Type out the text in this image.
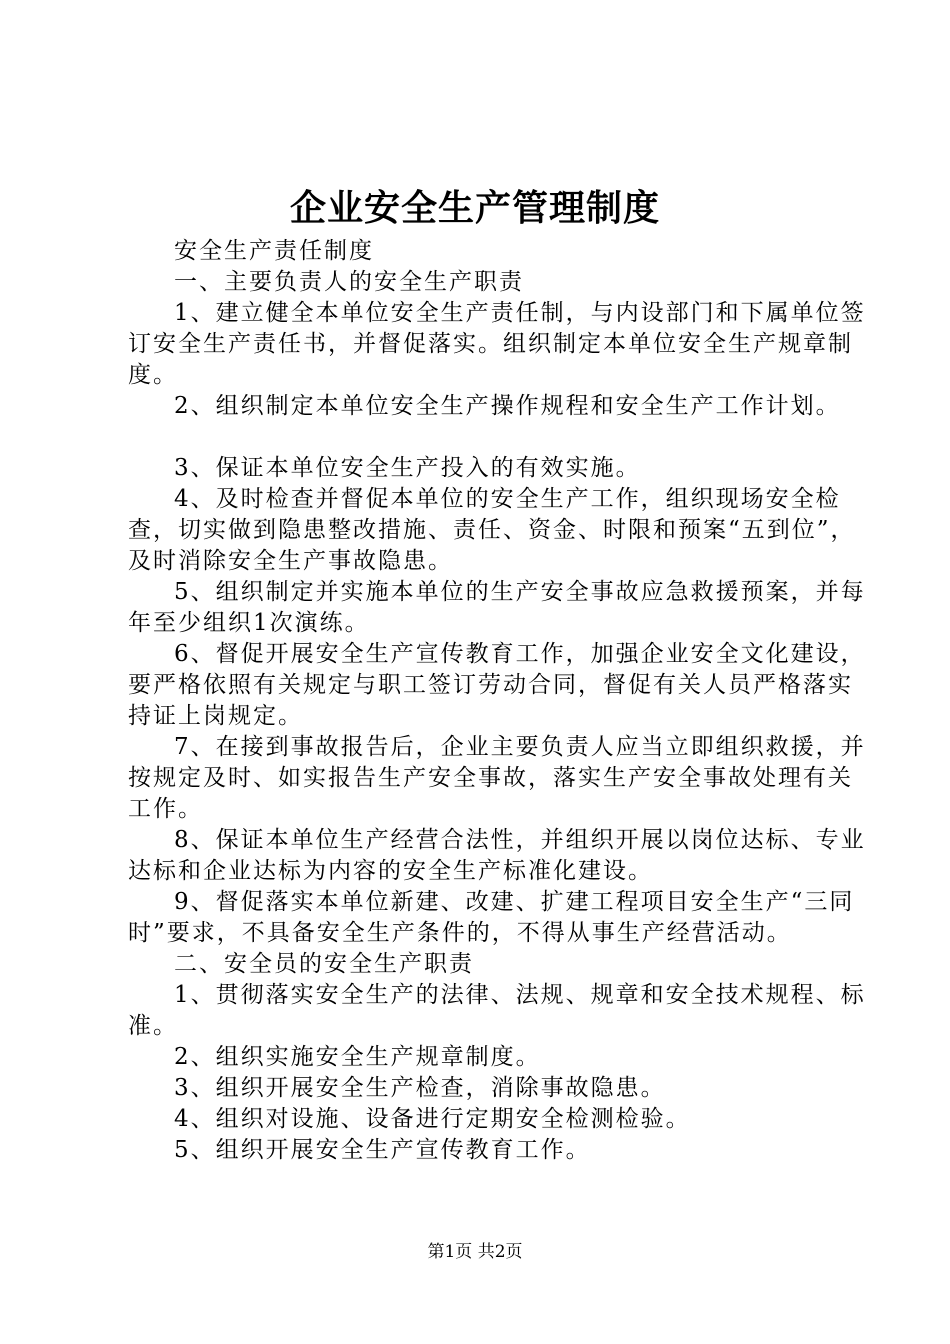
企业安全生产管理制度

安全生产责任制度

一、主要负责人的安全生产职责

1、建立健全本单位安全生产责任制，与内设部门和下属单位签订安全生产责任书，并督促落实。组织制定本单位安全生产规章制度。

2、组织制定本单位安全生产操作规程和安全生产工作计划。

3、保证本单位安全生产投入的有效实施。

4、及时检查并督促本单位的安全生产工作，组织现场安全检查，切实做到隐患整改措施、责任、资金、时限和预案“五到位”，及时消除安全生产事故隐患。

5、组织制定并实施本单位的生产安全事故应急救援预案，并每年至少组织1次演练。

6、督促开展安全生产宣传教育工作，加强企业安全文化建设，要严格依照有关规定与职工签订劳动合同，督促有关人员严格落实持证上岗规定。

7、在接到事故报告后，企业主要负责人应当立即组织救援，并按规定及时、如实报告生产安全事故，落实生产安全事故处理有关工作。

8、保证本单位生产经营合法性，并组织开展以岗位达标、专业达标和企业达标为内容的安全生产标准化建设。

9、督促落实本单位新建、改建、扩建工程项目安全生产“三同时”要求，不具备安全生产条件的，不得从事生产经营活动。

二、安全员的安全生产职责

1、贯彻落实安全生产的法律、法规、规章和安全技术规程、标准。

2、组织实施安全生产规章制度。

3、组织开展安全生产检查，消除事故隐患。

4、组织对设施、设备进行定期安全检测检验。

5、组织开展安全生产宣传教育工作。

第1页 共2页
